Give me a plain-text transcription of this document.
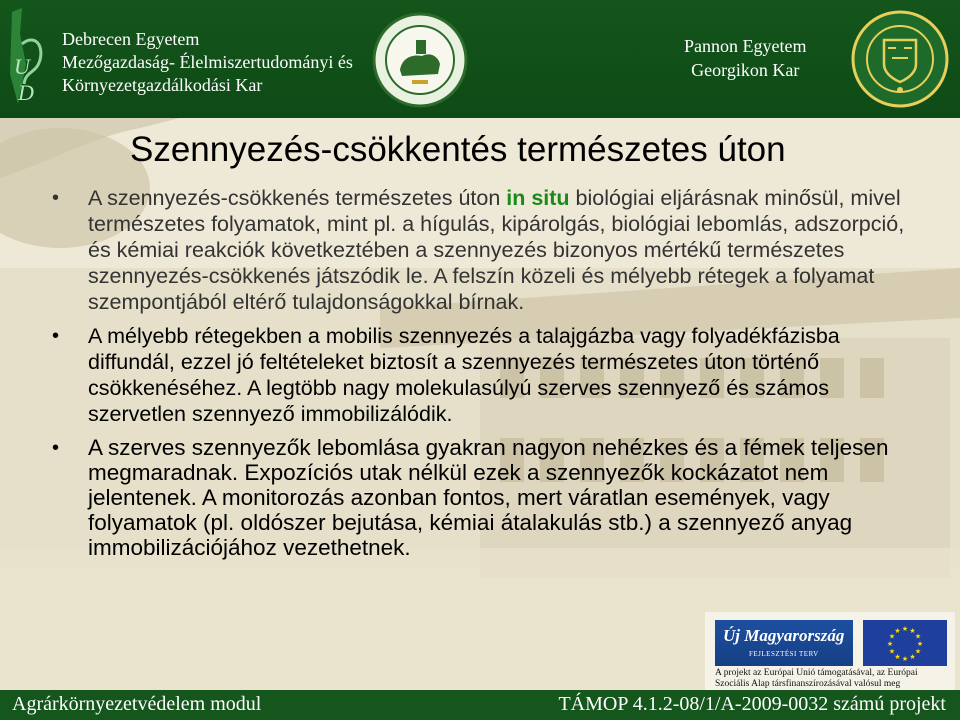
U
D
Debrecen Egyetem
Mezőgazdaság- Élelmiszertudományi és
Környezetgazdálkodási Kar
Pannon Egyetem
Georgikon Kar
Szennyezés-csökkentés természetes úton
• A szennyezés-csökkenés természetes úton in situ biológiai eljárásnak minősül, mivel természetes folyamatok, mint pl. a hígulás, kipárolgás, biológiai lebomlás, adszorpció, és kémiai reakciók következtében a szennyezés bizonyos mértékű természetes szennyezés-csökkenés játszódik le. A felszín közeli és mélyebb rétegek a folyamat szempontjából eltérő tulajdonságokkal bírnak.
• A mélyebb rétegekben a mobilis szennyezés a talajgázba vagy folyadékfázisba diffundál, ezzel jó feltételeket biztosít a szennyezés természetes úton történő csökkenéséhez. A legtöbb nagy molekulasúlyú szerves szennyező és számos szervetlen szennyező immobilizálódik.
• A szerves szennyezők lebomlása gyakran nagyon nehézkes és a fémek teljesen megmaradnak. Expozíciós utak nélkül ezek a szennyezők kockázatot nem jelentenek. A monitorozás azonban fontos, mert váratlan események, vagy folyamatok (pl. oldószer bejutása, kémiai átalakulás stb.) a szennyező anyag immobilizációjához vezethetnek.
Új Magyarország
FEJLESZTÉSI TERV
★
★
★
★
★
★
★
★
★ ★ ★
★
A projekt az Európai Unió támogatásával, az Európai
Szociális Alap társfinanszírozásával valósul meg
Agrárkörnyezetvédelem modul	TÁMOP 4.1.2-08/1/A-2009-0032 számú projekt
